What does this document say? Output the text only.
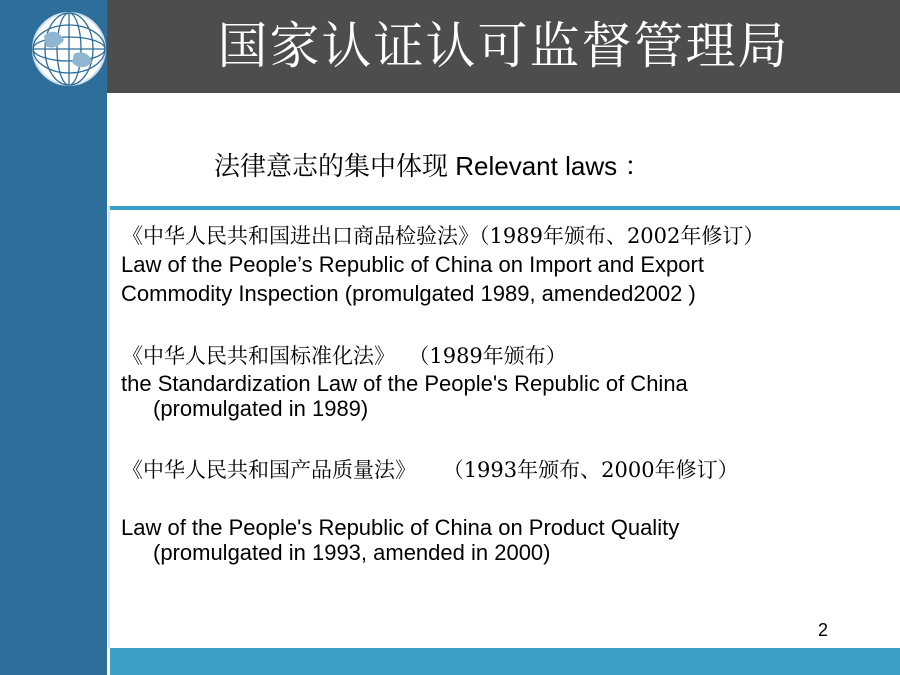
国家认证认可监督管理局
法律意志的集中体现 Relevant laws ：
《中华人民共和国进出口商品检验法》（1989年颁布、2002年修订）
Law of the People’s Republic of China on Import and Export
Commodity Inspection (promulgated 1989, amended2002 )
《中华人民共和国标准化法》  （1989年颁布）
the Standardization Law of the People's Republic of China
(promulgated in 1989)
《中华人民共和国产品质量法》    （1993年颁布、2000年修订）
Law of the People's Republic of China on Product Quality
(promulgated in 1993, amended in 2000)
2
